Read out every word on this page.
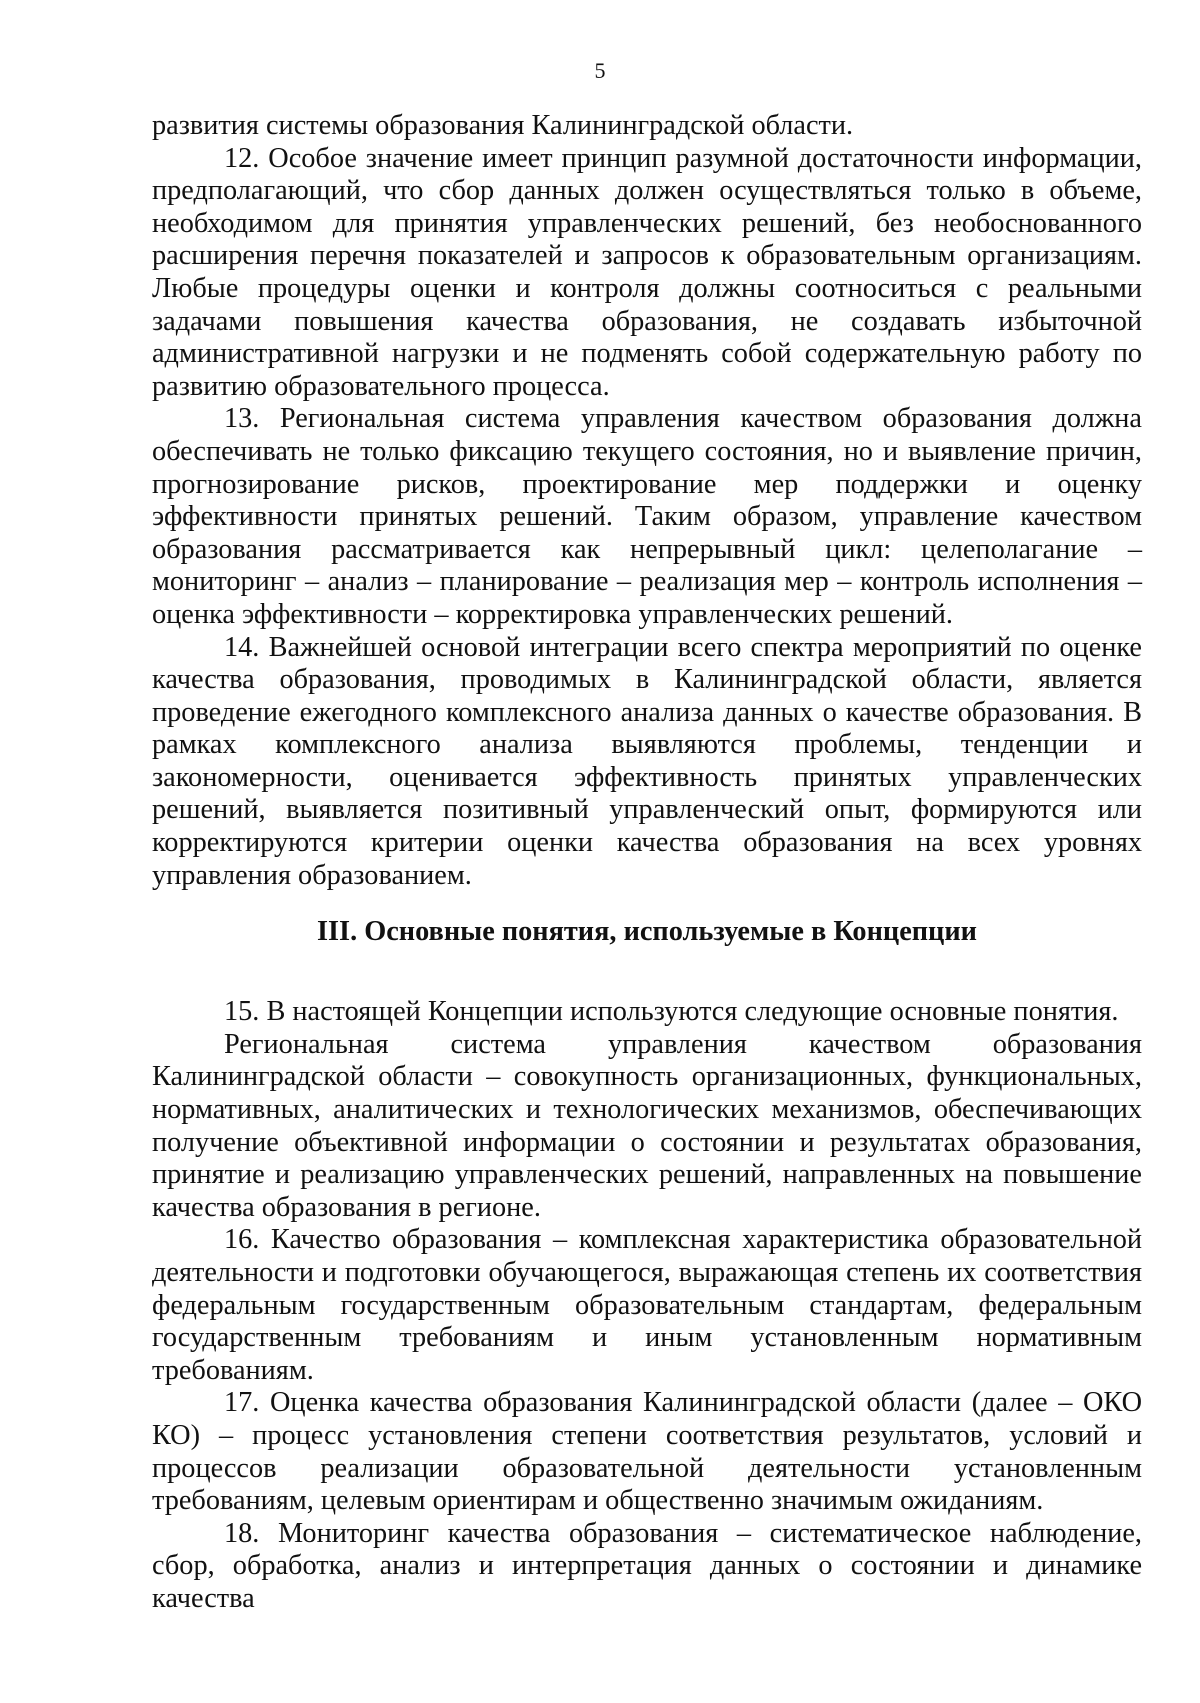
5

развития системы образования Калининградской области.

12. Особое значение имеет принцип разумной достаточности информации, предполагающий, что сбор данных должен осуществляться только в объеме, необходимом для принятия управленческих решений, без необоснованного расширения перечня показателей и запросов к образовательным организациям. Любые процедуры оценки и контроля должны соотноситься с реальными задачами повышения качества образования, не создавать избыточной административной нагрузки и не подменять собой содержательную работу по развитию образовательного процесса.

13. Региональная система управления качеством образования должна обеспечивать не только фиксацию текущего состояния, но и выявление причин, прогнозирование рисков, проектирование мер поддержки и оценку эффективности принятых решений. Таким образом, управление качеством образования рассматривается как непрерывный цикл: целеполагание – мониторинг – анализ – планирование – реализация мер – контроль исполнения – оценка эффективности – корректировка управленческих решений.

14. Важнейшей основой интеграции всего спектра мероприятий по оценке качества образования, проводимых в Калининградской области, является проведение ежегодного комплексного анализа данных о качестве образования. В рамках комплексного анализа выявляются проблемы, тенденции и закономерности, оценивается эффективность принятых управленческих решений, выявляется позитивный управленческий опыт, формируются или корректируются критерии оценки качества образования на всех уровнях управления образованием.

III. Основные понятия, используемые в Концепции

15. В настоящей Концепции используются следующие основные понятия.

Региональная система управления качеством образования Калининградской области – совокупность организационных, функциональных, нормативных, аналитических и технологических механизмов, обеспечивающих получение объективной информации о состоянии и результатах образования, принятие и реализацию управленческих решений, направленных на повышение качества образования в регионе.

16. Качество образования – комплексная характеристика образовательной деятельности и подготовки обучающегося, выражающая степень их соответствия федеральным государственным образовательным стандартам, федеральным государственным требованиям и иным установленным нормативным требованиям.

17. Оценка качества образования Калининградской области (далее – ОКО КО) – процесс установления степени соответствия результатов, условий и процессов реализации образовательной деятельности установленным требованиям, целевым ориентирам и общественно значимым ожиданиям.

18. Мониторинг качества образования – систематическое наблюдение, сбор, обработка, анализ и интерпретация данных о состоянии и динамике качества
